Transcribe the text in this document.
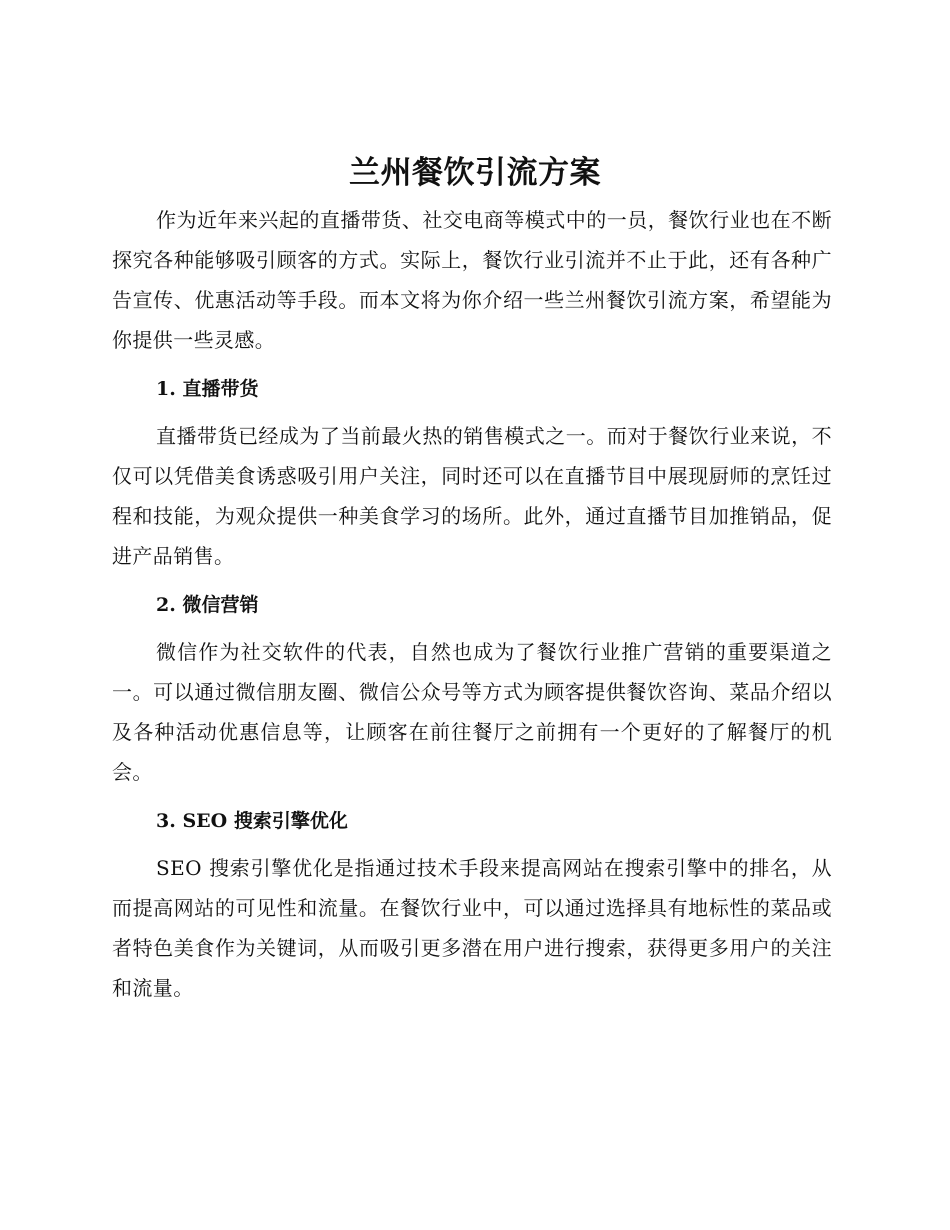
兰州餐饮引流方案

作为近年来兴起的直播带货、社交电商等模式中的一员，餐饮行业也在不断探究各种能够吸引顾客的方式。实际上，餐饮行业引流并不止于此，还有各种广告宣传、优惠活动等手段。而本文将为你介绍一些兰州餐饮引流方案，希望能为你提供一些灵感。

1. 直播带货

直播带货已经成为了当前最火热的销售模式之一。而对于餐饮行业来说，不仅可以凭借美食诱惑吸引用户关注，同时还可以在直播节目中展现厨师的烹饪过程和技能，为观众提供一种美食学习的场所。此外，通过直播节目加推销品，促进产品销售。

2. 微信营销

微信作为社交软件的代表，自然也成为了餐饮行业推广营销的重要渠道之一。可以通过微信朋友圈、微信公众号等方式为顾客提供餐饮咨询、菜品介绍以及各种活动优惠信息等，让顾客在前往餐厅之前拥有一个更好的了解餐厅的机会。

3. SEO 搜索引擎优化

SEO 搜索引擎优化是指通过技术手段来提高网站在搜索引擎中的排名，从而提高网站的可见性和流量。在餐饮行业中，可以通过选择具有地标性的菜品或者特色美食作为关键词，从而吸引更多潜在用户进行搜索，获得更多用户的关注和流量。
